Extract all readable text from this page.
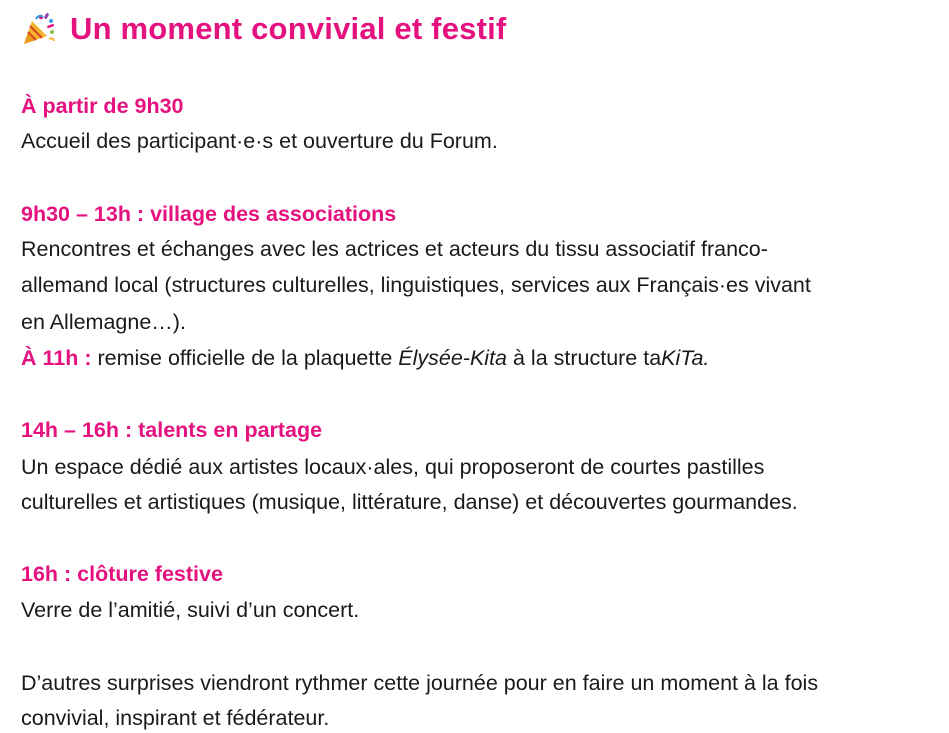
Un moment convivial et festif
À partir de 9h30
Accueil des participant·e·s et ouverture du Forum.
9h30 – 13h : village des associations
Rencontres et échanges avec les actrices et acteurs du tissu associatif franco-
allemand local (structures culturelles, linguistiques, services aux Français·es vivant
en Allemagne…).
À 11h : remise officielle de la plaquette Élysée-Kita à la structure taKiTa.
14h – 16h : talents en partage
Un espace dédié aux artistes locaux·ales, qui proposeront de courtes pastilles
culturelles et artistiques (musique, littérature, danse) et découvertes gourmandes.
16h : clôture festive
Verre de l’amitié, suivi d’un concert.
D’autres surprises viendront rythmer cette journée pour en faire un moment à la fois
convivial, inspirant et fédérateur.
